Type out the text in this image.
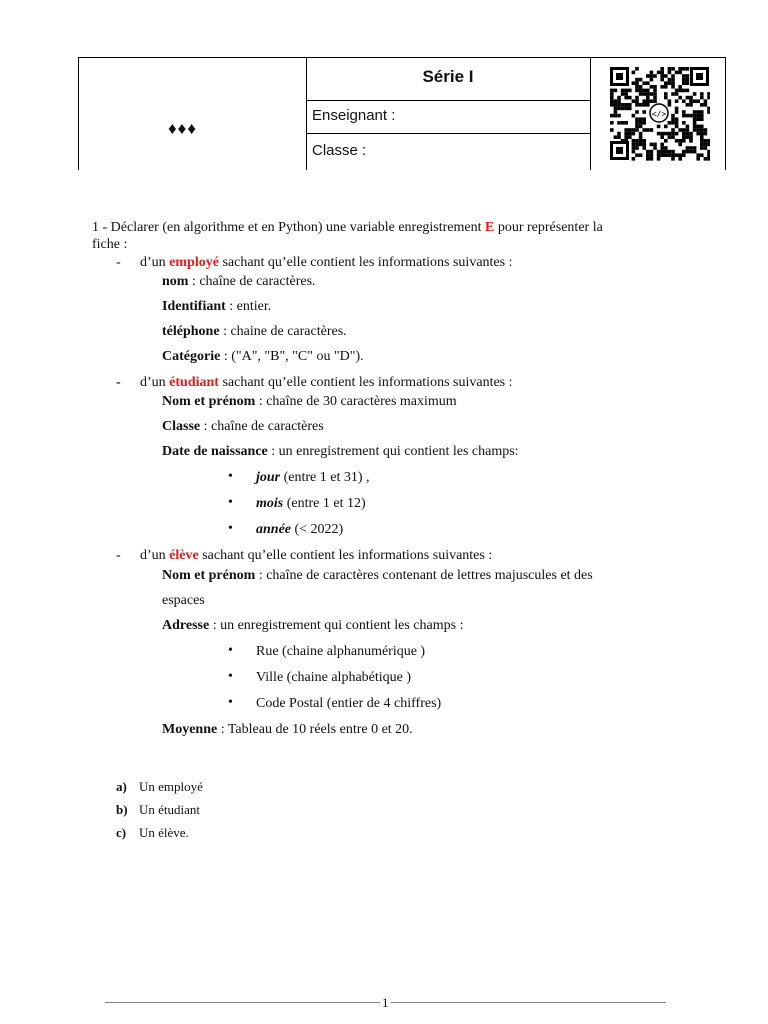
♦♦♦
Série I
Enseignant :
Classe :
</>
1 - Déclarer (en algorithme et en Python) une variable enregistrement E pour représenter la
fiche :
- d’un employé sachant qu’elle contient les informations suivantes :
nom : chaîne de caractères.
Identifiant : entier.
téléphone : chaine de caractères.
Catégorie : ("A", "B", "C" ou "D").
- d’un étudiant sachant qu’elle contient les informations suivantes :
Nom et prénom : chaîne de 30 caractères maximum
Classe : chaîne de caractères
Date de naissance : un enregistrement qui contient les champs:
• jour (entre 1 et 31) ,
• mois (entre 1 et 12)
• année (< 2022)
- d’un élève sachant qu’elle contient les informations suivantes :
Nom et prénom : chaîne de caractères contenant de lettres majuscules et des
espaces
Adresse : un enregistrement qui contient les champs :
• Rue (chaine alphanumérique )
• Ville (chaine alphabétique )
• Code Postal (entier de 4 chiffres)
Moyenne : Tableau de 10 réels entre 0 et 20.
a) Un employé
b) Un étudiant
c) Un élève.
1
